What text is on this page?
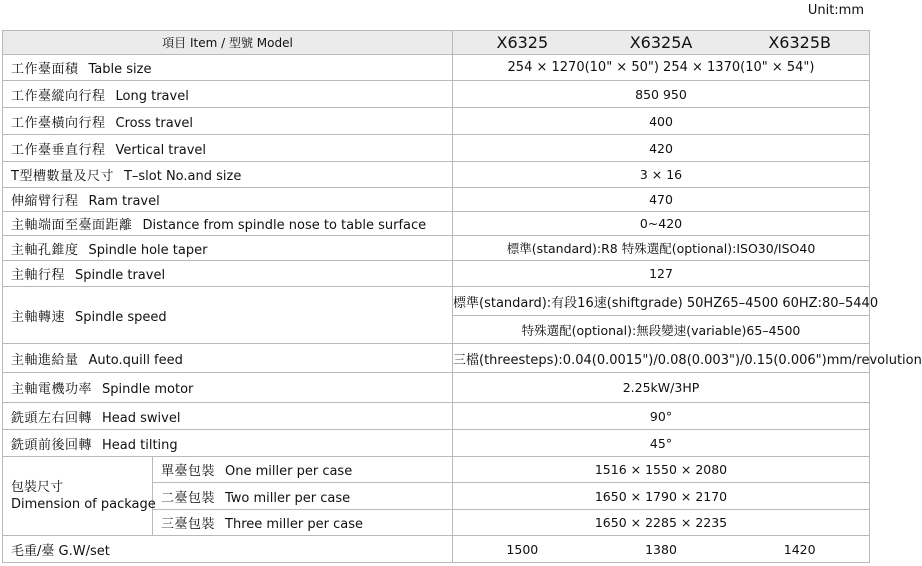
Unit:mm
項目 Item / 型號 Model		X6325 X6325A X6325B

工作臺面積 Table size		254 × 1270(10" × 50") 254 × 1370(10" × 54")
工作臺縱向行程 Long travel		850 950
工作臺橫向行程 Cross travel		400
工作臺垂直行程 Vertical travel		420
T型槽數量及尺寸 T–slot No.and size		3 × 16
伸縮臂行程 Ram travel		470
主軸端面至臺面距離 Distance from spindle nose to table surface		0~420
主軸孔錐度 Spindle hole taper		標準(standard):R8 特殊選配(optional):ISO30/ISO40
主軸行程 Spindle travel		127
主軸轉速 Spindle speed		標準(standard):有段16速(shiftgrade) 50HZ65–4500 60HZ:80–5440
		特殊選配(optional):無段變速(variable)65–4500
主軸進給量 Auto.quill feed		三檔(threesteps):0.04(0.0015")/0.08(0.003")/0.15(0.006")mm/revolution
主軸電機功率 Spindle motor		2.25kW/3HP
銑頭左右回轉 Head swivel		90°
銑頭前後回轉 Head tilting		45°

包裝尺寸
Dimension of package	單臺包裝 One miller per case	1516 × 1550 × 2080
	二臺包裝 Two miller per case	1650 × 1790 × 2170
	三臺包裝 Three miller per case	1650 × 2285 × 2235
毛重/臺 G.W/set		1500 1380 1420
